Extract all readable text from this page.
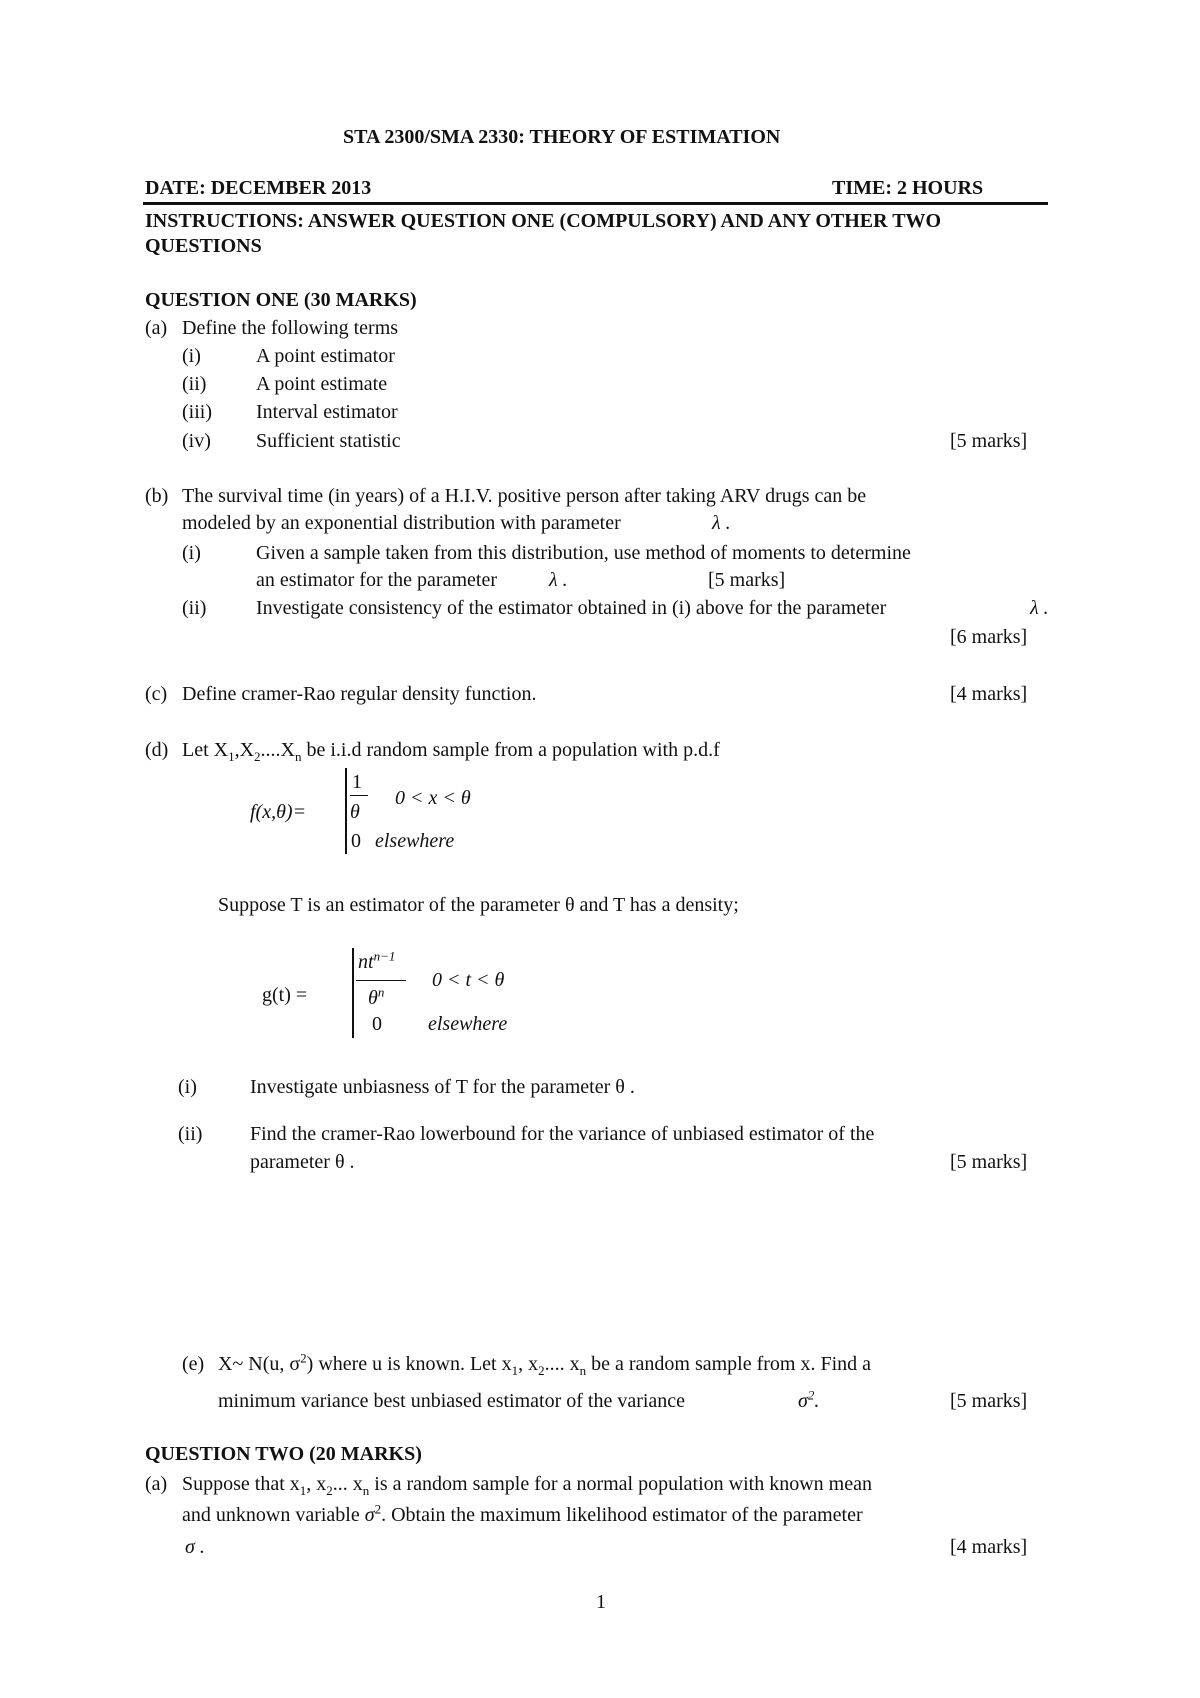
STA 2300/SMA 2330: THEORY OF ESTIMATION
DATE: DECEMBER 2013	TIME: 2 HOURS
INSTRUCTIONS: ANSWER QUESTION ONE (COMPULSORY) AND ANY OTHER TWO
QUESTIONS
QUESTION ONE (30 MARKS)
(a) Define the following terms
(i)	A point estimator
(ii) A point estimate
(iii) Interval estimator
(iv) Sufficient statistic	[5 marks]
(b) The survival time (in years) of a H.I.V. positive person after taking ARV drugs can be
modeled by an exponential distribution with parameter	λ .
(i)	Given a sample taken from this distribution, use method of moments to determine
an estimator for the parameter	λ .	[5 marks]
(ii) Investigate consistency of the estimator obtained in (i) above for the parameter	λ .
[6 marks]
(c) Define cramer-Rao regular density function.	[4 marks]
(d) Let $X_1,X_2....X_n$ be i.i.d random sample from a population with p.d.f
f(x,θ)=
1
θ
0 < x < θ
0 elsewhere
Suppose T is an estimator of the parameter θ and T has a density;
g(t) =
$nt^{n-1}$
$\theta^n$
0 < t < θ
0 elsewhere
(i)	Investigate unbiasness of T for the parameter θ .
(ii) Find the cramer-Rao lowerbound for the variance of unbiased estimator of the
parameter θ .	[5 marks]
(e) X~ N(u, $\sigma^2$) where u is known. Let $x_1$, $x_2$.... $x_n$ be a random sample from x. Find a
minimum variance best unbiased estimator of the variance	$\sigma^2$.	[5 marks]
QUESTION TWO (20 MARKS)
(a) Suppose that $x_1$, $x_2$... $x_n$ is a random sample for a normal population with known mean
and unknown variable $\sigma^2$. Obtain the maximum likelihood estimator of the parameter
σ .	[4 marks]
1
